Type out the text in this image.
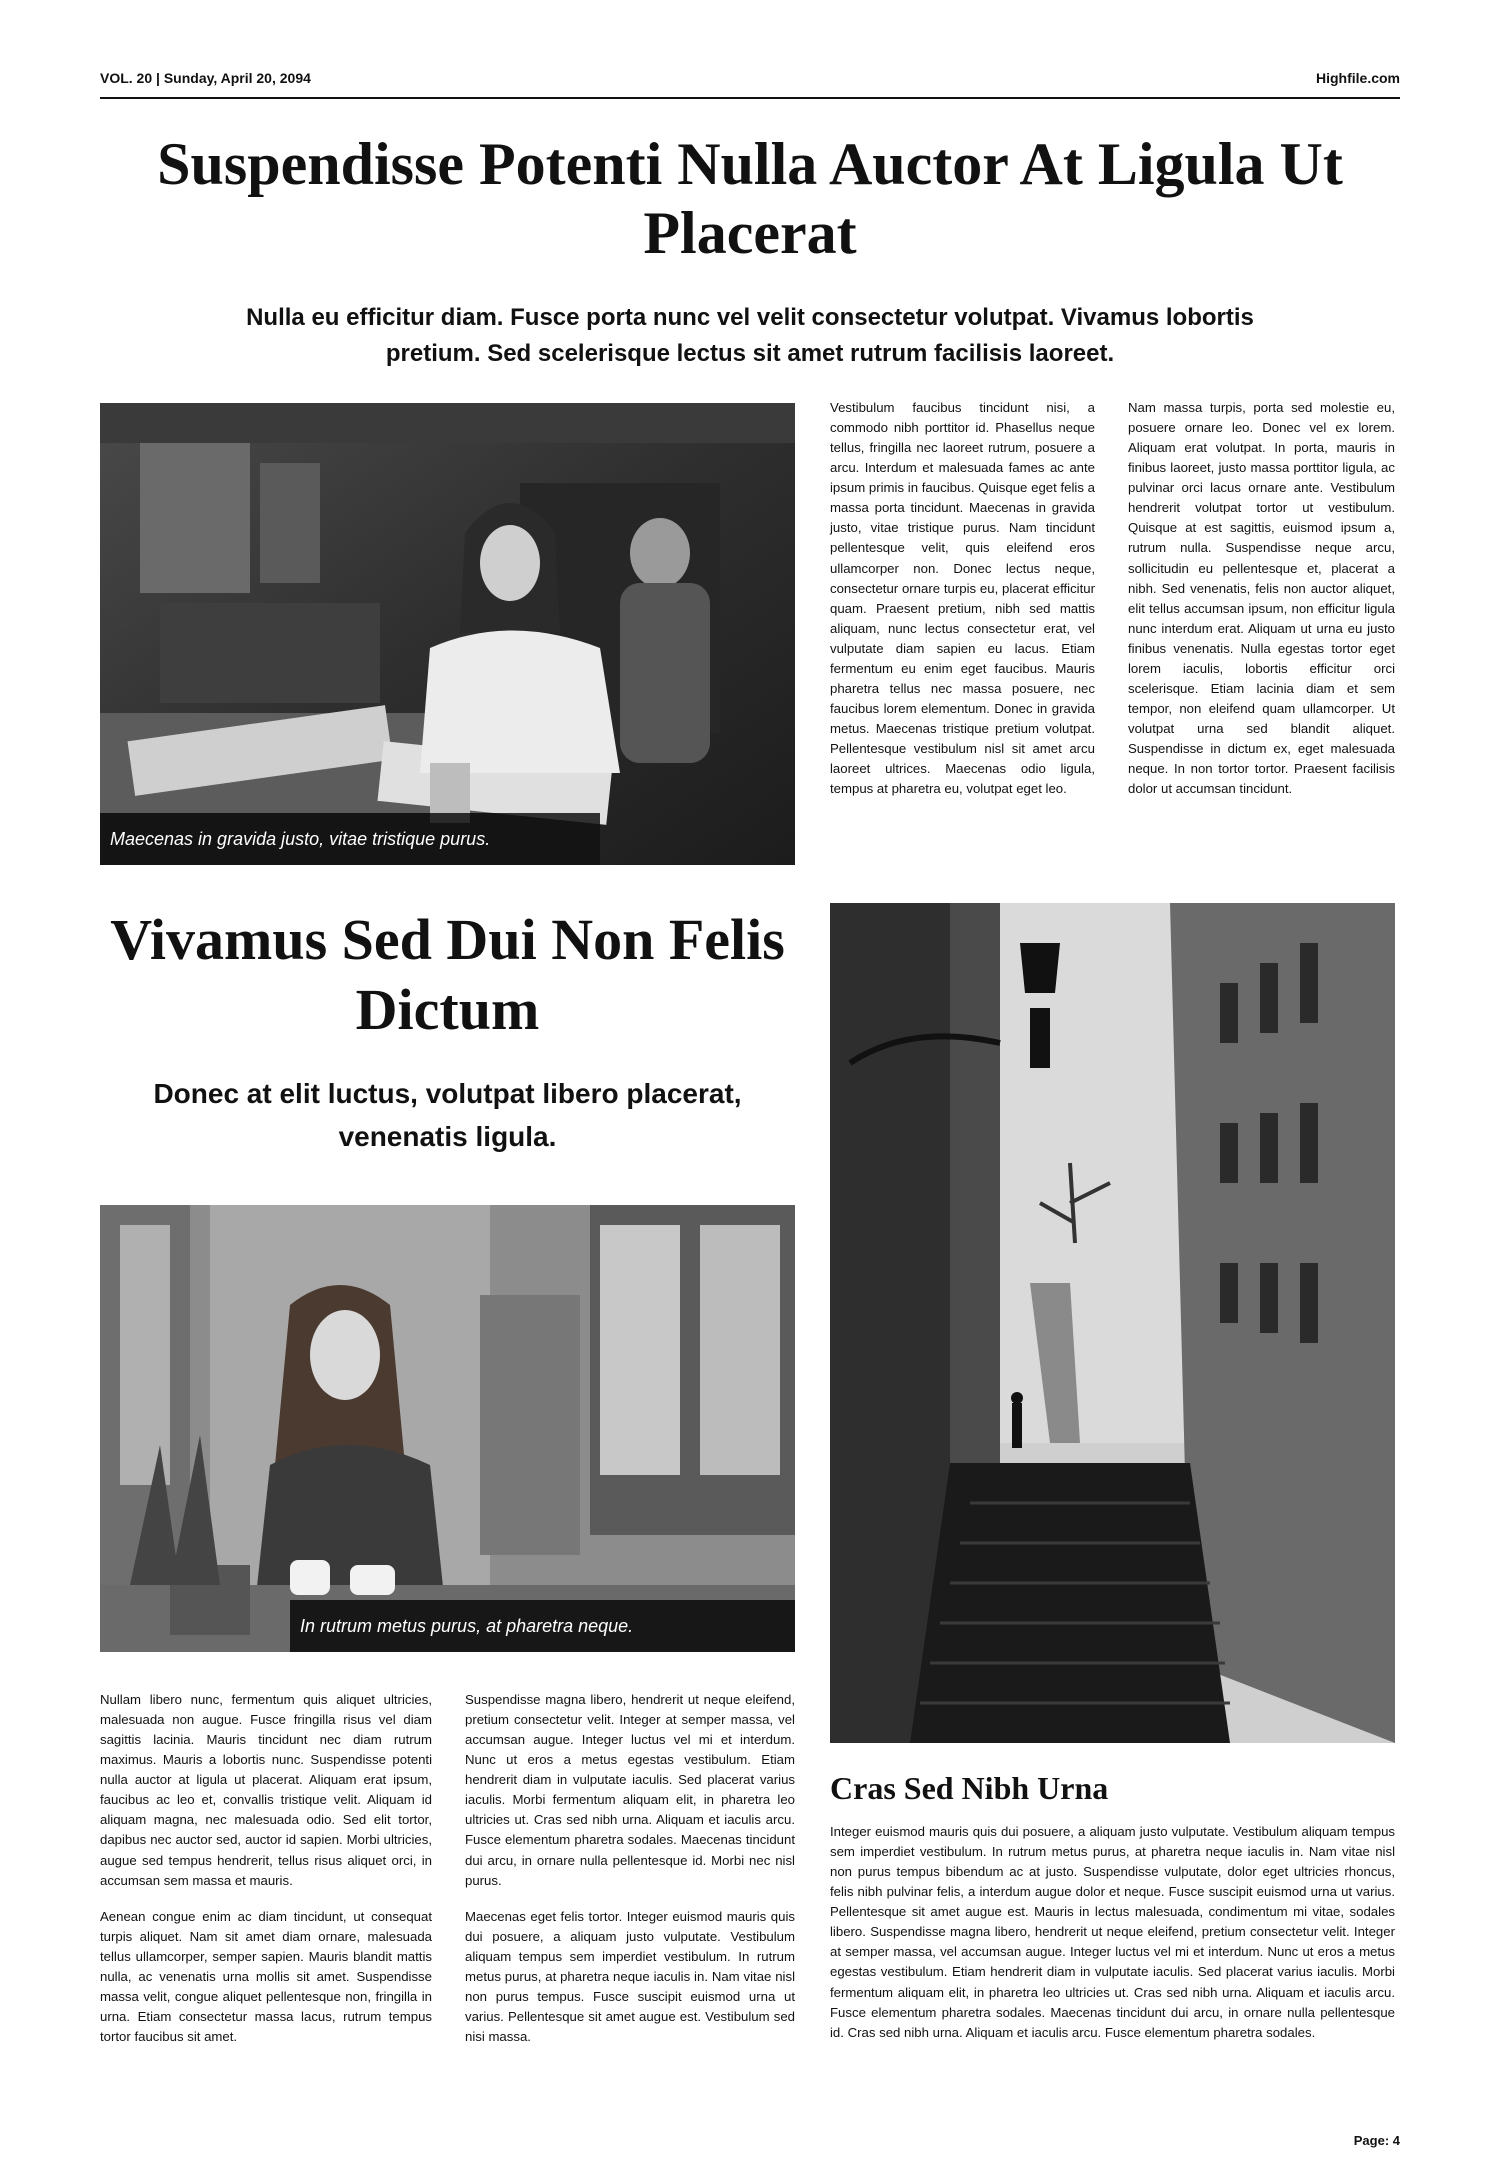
VOL. 20 | Sunday, April 20, 2094	Highfile.com
Suspendisse Potenti Nulla Auctor At Ligula Ut Placerat
Nulla eu efficitur diam. Fusce porta nunc vel velit consectetur volutpat. Vivamus lobortis pretium. Sed scelerisque lectus sit amet rutrum facilisis laoreet.
Maecenas in gravida justo, vitae tristique purus.

Vestibulum faucibus tincidunt nisi, a commodo nibh porttitor id. Phasellus neque tellus, fringilla nec laoreet rutrum, posuere a arcu. Interdum et malesuada fames ac ante ipsum primis in faucibus. Quisque eget felis a massa porta tincidunt. Maecenas in gravida justo, vitae tristique purus. Nam tincidunt pellentesque velit, quis eleifend eros ullamcorper non. Donec lectus neque, consectetur ornare turpis eu, placerat efficitur quam. Praesent pretium, nibh sed mattis aliquam, nunc lectus consectetur erat, vel vulputate diam sapien eu lacus. Etiam fermentum eu enim eget faucibus. Mauris pharetra tellus nec massa posuere, nec faucibus lorem elementum. Donec in gravida metus. Maecenas tristique pretium volutpat. Pellentesque vestibulum nisl sit amet arcu laoreet ultrices. Maecenas odio ligula, tempus at pharetra eu, volutpat eget leo.

Nam massa turpis, porta sed molestie eu, posuere ornare leo. Donec vel ex lorem. Aliquam erat volutpat. In porta, mauris in finibus laoreet, justo massa porttitor ligula, ac pulvinar orci lacus ornare ante. Vestibulum hendrerit volutpat tortor ut vestibulum. Quisque at est sagittis, euismod ipsum a, rutrum nulla. Suspendisse neque arcu, sollicitudin eu pellentesque et, placerat a nibh. Sed venenatis, felis non auctor aliquet, elit tellus accumsan ipsum, non efficitur ligula nunc interdum erat. Aliquam ut urna eu justo finibus venenatis. Nulla egestas tortor eget lorem iaculis, lobortis efficitur orci scelerisque. Etiam lacinia diam et sem tempor, non eleifend quam ullamcorper. Ut volutpat urna sed blandit aliquet. Suspendisse in dictum ex, eget malesuada neque. In non tortor tortor. Praesent facilisis dolor ut accumsan tincidunt.

Vivamus Sed Dui Non Felis Dictum
Donec at elit luctus, volutpat libero placerat, venenatis ligula.
In rutrum metus purus, at pharetra neque.

Nullam libero nunc, fermentum quis aliquet ultricies, malesuada non augue. Fusce fringilla risus vel diam sagittis lacinia. Mauris tincidunt nec diam rutrum maximus. Mauris a lobortis nunc. Suspendisse potenti nulla auctor at ligula ut placerat. Aliquam erat ipsum, faucibus ac leo et, convallis tristique velit. Aliquam id aliquam magna, nec malesuada odio. Sed elit tortor, dapibus nec auctor sed, auctor id sapien. Morbi ultricies, augue sed tempus hendrerit, tellus risus aliquet orci, in accumsan sem massa et mauris.

Aenean congue enim ac diam tincidunt, ut consequat turpis aliquet. Nam sit amet diam ornare, malesuada tellus ullamcorper, semper sapien. Mauris blandit mattis nulla, ac venenatis urna mollis sit amet. Suspendisse massa velit, congue aliquet pellentesque non, fringilla in urna. Etiam consectetur massa lacus, rutrum tempus tortor faucibus sit amet.

Suspendisse magna libero, hendrerit ut neque eleifend, pretium consectetur velit. Integer at semper massa, vel accumsan augue. Integer luctus vel mi et interdum. Nunc ut eros a metus egestas vestibulum. Etiam hendrerit diam in vulputate iaculis. Sed placerat varius iaculis. Morbi fermentum aliquam elit, in pharetra leo ultricies ut. Cras sed nibh urna. Aliquam et iaculis arcu. Fusce elementum pharetra sodales. Maecenas tincidunt dui arcu, in ornare nulla pellentesque id. Morbi nec nisl purus.

Maecenas eget felis tortor. Integer euismod mauris quis dui posuere, a aliquam justo vulputate. Vestibulum aliquam tempus sem imperdiet vestibulum. In rutrum metus purus, at pharetra neque iaculis in. Nam vitae nisl non purus tempus. Fusce suscipit euismod urna ut varius. Pellentesque sit amet augue est. Vestibulum sed nisi massa.

Cras Sed Nibh Urna

Integer euismod mauris quis dui posuere, a aliquam justo vulputate. Vestibulum aliquam tempus sem imperdiet vestibulum. In rutrum metus purus, at pharetra neque iaculis in. Nam vitae nisl non purus tempus bibendum ac at justo. Suspendisse vulputate, dolor eget ultricies rhoncus, felis nibh pulvinar felis, a interdum augue dolor et neque. Fusce suscipit euismod urna ut varius. Pellentesque sit amet augue est. Mauris in lectus malesuada, condimentum mi vitae, sodales libero. Suspendisse magna libero, hendrerit ut neque eleifend, pretium consectetur velit. Integer at semper massa, vel accumsan augue. Integer luctus vel mi et interdum. Nunc ut eros a metus egestas vestibulum. Etiam hendrerit diam in vulputate iaculis. Sed placerat varius iaculis. Morbi fermentum aliquam elit, in pharetra leo ultricies ut. Cras sed nibh urna. Aliquam et iaculis arcu. Fusce elementum pharetra sodales. Maecenas tincidunt dui arcu, in ornare nulla pellentesque id. Cras sed nibh urna. Aliquam et iaculis arcu. Fusce elementum pharetra sodales.

Page: 4
